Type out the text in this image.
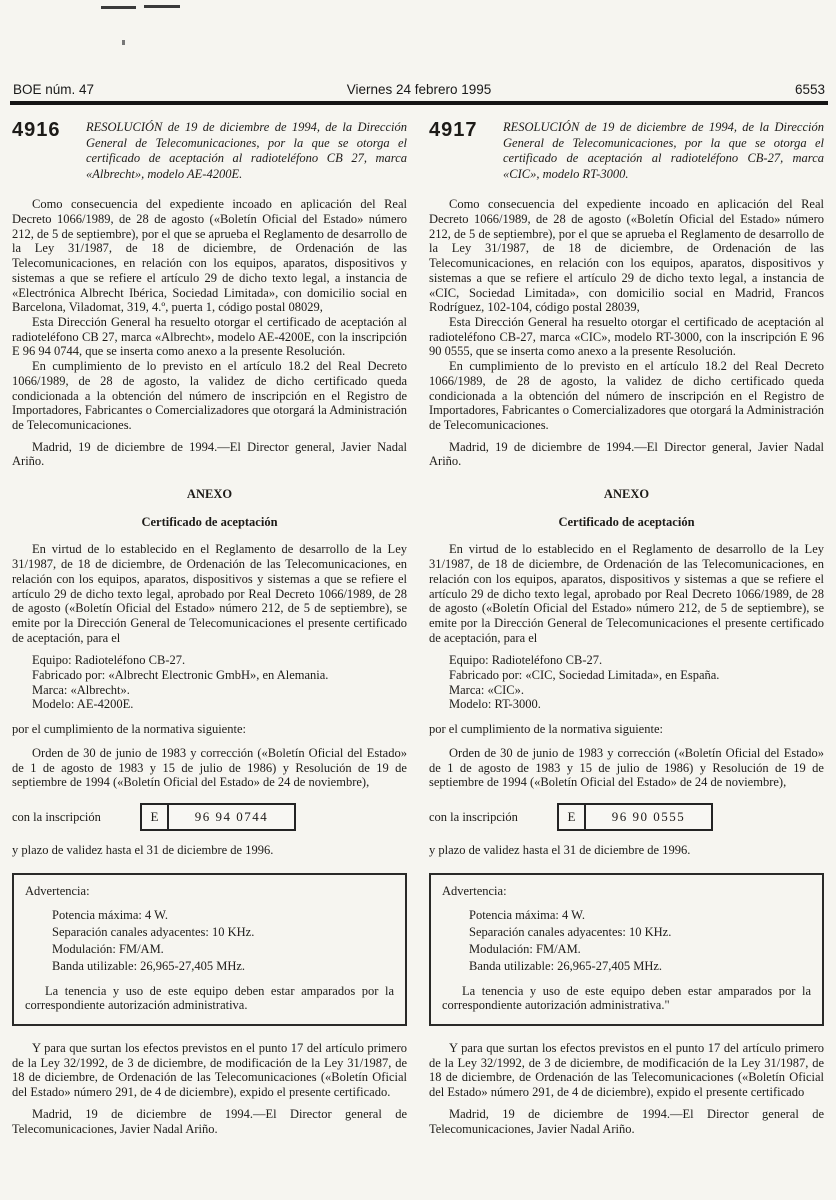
BOE núm. 47	Viernes 24 febrero 1995	6553
4916	RESOLUCIÓN de 19 de diciembre de 1994, de la Dirección General de Telecomunicaciones, por la que se otorga el certificado de aceptación al radioteléfono CB 27, marca «Albrecht», modelo AE-4200E.

Como consecuencia del expediente incoado en aplicación del Real Decreto 1066/1989, de 28 de agosto («Boletín Oficial del Estado» número 212, de 5 de septiembre), por el que se aprueba el Reglamento de desarrollo de la Ley 31/1987, de 18 de diciembre, de Ordenación de las Telecomunicaciones, en relación con los equipos, aparatos, dispositivos y sistemas a que se refiere el artículo 29 de dicho texto legal, a instancia de «Electrónica Albrecht Ibérica, Sociedad Limitada», con domicilio social en Barcelona, Viladomat, 319, 4.º, puerta 1, código postal 08029,

Esta Dirección General ha resuelto otorgar el certificado de aceptación al radioteléfono CB 27, marca «Albrecht», modelo AE-4200E, con la inscripción E 96 94 0744, que se inserta como anexo a la presente Resolución.

En cumplimiento de lo previsto en el artículo 18.2 del Real Decreto 1066/1989, de 28 de agosto, la validez de dicho certificado queda condicionada a la obtención del número de inscripción en el Registro de Importadores, Fabricantes o Comercializadores que otorgará la Administración de Telecomunicaciones.

Madrid, 19 de diciembre de 1994.—El Director general, Javier Nadal Ariño.

ANEXO

Certificado de aceptación

En virtud de lo establecido en el Reglamento de desarrollo de la Ley 31/1987, de 18 de diciembre, de Ordenación de las Telecomunicaciones, en relación con los equipos, aparatos, dispositivos y sistemas a que se refiere el artículo 29 de dicho texto legal, aprobado por Real Decreto 1066/1989, de 28 de agosto («Boletín Oficial del Estado» número 212, de 5 de septiembre), se emite por la Dirección General de Telecomunicaciones el presente certificado de aceptación, para el

Equipo: Radioteléfono CB-27.

Fabricado por: «Albrecht Electronic GmbH», en Alemania.

Marca: «Albrecht».

Modelo: AE-4200E.

por el cumplimiento de la normativa siguiente:

Orden de 30 de junio de 1983 y corrección («Boletín Oficial del Estado» de 1 de agosto de 1983 y 15 de julio de 1986) y Resolución de 19 de septiembre de 1994 («Boletín Oficial del Estado» de 24 de noviembre),

con la inscripción	E	96 94 0744

y plazo de validez hasta el 31 de diciembre de 1996.

Advertencia:

Potencia máxima: 4 W.

Separación canales adyacentes: 10 KHz.

Modulación: FM/AM.

Banda utilizable: 26,965-27,405 MHz.

La tenencia y uso de este equipo deben estar amparados por la correspondiente autorización administrativa.

Y para que surtan los efectos previstos en el punto 17 del artículo primero de la Ley 32/1992, de 3 de diciembre, de modificación de la Ley 31/1987, de 18 de diciembre, de Ordenación de las Telecomunicaciones («Boletín Oficial del Estado» número 291, de 4 de diciembre), expido el presente certificado.

Madrid, 19 de diciembre de 1994.—El Director general de Telecomunicaciones, Javier Nadal Ariño.

4917	RESOLUCIÓN de 19 de diciembre de 1994, de la Dirección General de Telecomunicaciones, por la que se otorga el certificado de aceptación al radioteléfono CB-27, marca «CIC», modelo RT-3000.

Como consecuencia del expediente incoado en aplicación del Real Decreto 1066/1989, de 28 de agosto («Boletín Oficial del Estado» número 212, de 5 de septiembre), por el que se aprueba el Reglamento de desarrollo de la Ley 31/1987, de 18 de diciembre, de Ordenación de las Telecomunicaciones, en relación con los equipos, aparatos, dispositivos y sistemas a que se refiere el artículo 29 de dicho texto legal, a instancia de «CIC, Sociedad Limitada», con domicilio social en Madrid, Francos Rodríguez, 102-104, código postal 28039,

Esta Dirección General ha resuelto otorgar el certificado de aceptación al radioteléfono CB-27, marca «CIC», modelo RT-3000, con la inscripción E 96 90 0555, que se inserta como anexo a la presente Resolución.

En cumplimiento de lo previsto en el artículo 18.2 del Real Decreto 1066/1989, de 28 de agosto, la validez de dicho certificado queda condicionada a la obtención del número de inscripción en el Registro de Importadores, Fabricantes o Comercializadores que otorgará la Administración de Telecomunicaciones.

Madrid, 19 de diciembre de 1994.—El Director general, Javier Nadal Ariño.

ANEXO

Certificado de aceptación

En virtud de lo establecido en el Reglamento de desarrollo de la Ley 31/1987, de 18 de diciembre, de Ordenación de las Telecomunicaciones, en relación con los equipos, aparatos, dispositivos y sistemas a que se refiere el artículo 29 de dicho texto legal, aprobado por Real Decreto 1066/1989, de 28 de agosto («Boletín Oficial del Estado» número 212, de 5 de septiembre), se emite por la Dirección General de Telecomunicaciones el presente certificado de aceptación, para el

Equipo: Radioteléfono CB-27.

Fabricado por: «CIC, Sociedad Limitada», en España.

Marca: «CIC».

Modelo: RT-3000.

por el cumplimiento de la normativa siguiente:

Orden de 30 de junio de 1983 y corrección («Boletín Oficial del Estado» de 1 de agosto de 1983 y 15 de julio de 1986) y Resolución de 19 de septiembre de 1994 («Boletín Oficial del Estado» de 24 de noviembre),

con la inscripción	E	96 90 0555

y plazo de validez hasta el 31 de diciembre de 1996.

Advertencia:

Potencia máxima: 4 W.

Separación canales adyacentes: 10 KHz.

Modulación: FM/AM.

Banda utilizable: 26,965-27,405 MHz.

La tenencia y uso de este equipo deben estar amparados por la correspondiente autorización administrativa."

Y para que surtan los efectos previstos en el punto 17 del artículo primero de la Ley 32/1992, de 3 de diciembre, de modificación de la Ley 31/1987, de 18 de diciembre, de Ordenación de las Telecomunicaciones («Boletín Oficial del Estado» número 291, de 4 de diciembre), expido el presente certificado

Madrid, 19 de diciembre de 1994.—El Director general de Telecomunicaciones, Javier Nadal Ariño.
